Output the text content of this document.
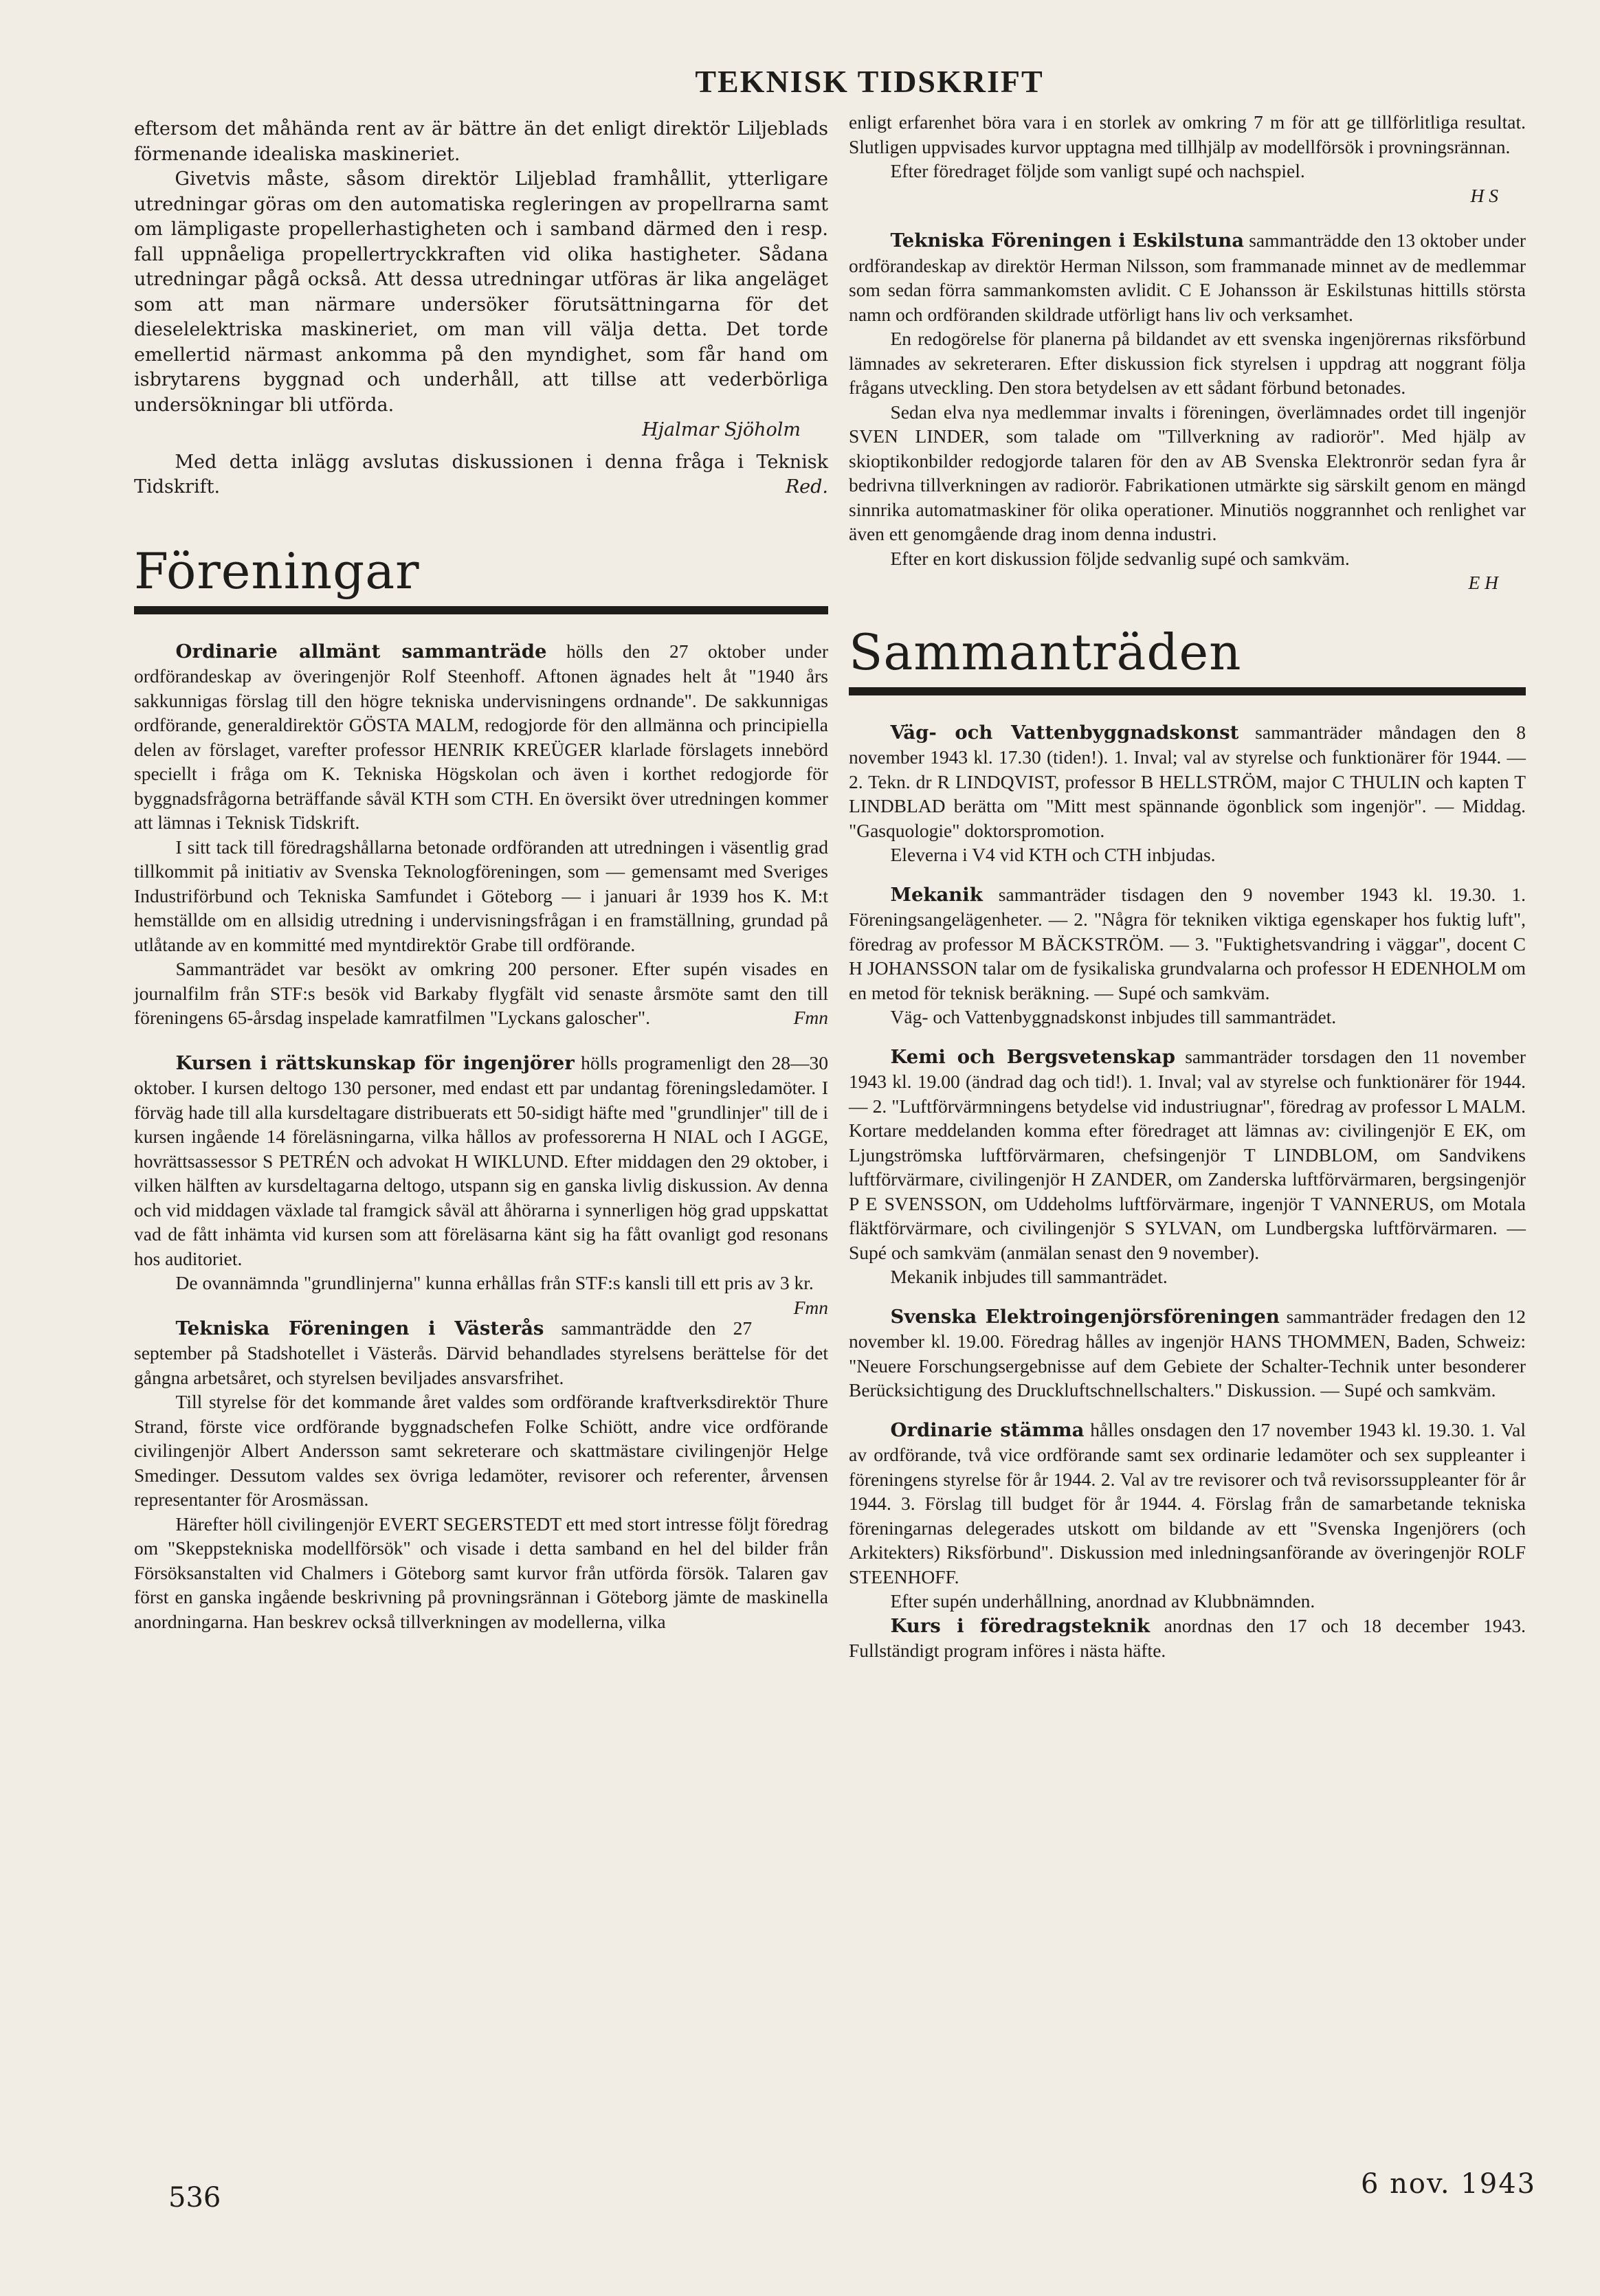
TEKNISK TIDSKRIFT

eftersom det måhända rent av är bättre än det enligt direktör Liljeblads förmenande idealiska maskineriet.

Givetvis måste, såsom direktör Liljeblad framhållit, ytterligare utredningar göras om den automatiska regleringen av propellrarna samt om lämpligaste propellerhastigheten och i samband därmed den i resp. fall uppnåeliga propellertryckkraften vid olika hastigheter. Sådana utredningar pågå också. Att dessa utredningar utföras är lika angeläget som att man närmare undersöker förutsättningarna för det dieselelektriska maskineriet, om man vill välja detta. Det torde emellertid närmast ankomma på den myndighet, som får hand om isbrytarens byggnad och underhåll, att tillse att vederbörliga undersökningar bli utförda.

Hjalmar Sjöholm

Med detta inlägg avslutas diskussionen i denna fråga i Teknisk Tidskrift.	Red.

Föreningar

Ordinarie allmänt sammanträde hölls den 27 oktober under ordförandeskap av överingenjör Rolf Steenhoff. Aftonen ägnades helt åt "1940 års sakkunnigas förslag till den högre tekniska undervisningens ordnande". De sakkunnigas ordförande, generaldirektör GÖSTA MALM, redogjorde för den allmänna och principiella delen av förslaget, varefter professor HENRIK KREÜGER klarlade förslagets innebörd speciellt i fråga om K. Tekniska Högskolan och även i korthet redogjorde för byggnadsfrågorna beträffande såväl KTH som CTH. En översikt över utredningen kommer att lämnas i Teknisk Tidskrift.

I sitt tack till föredragshållarna betonade ordföranden att utredningen i väsentlig grad tillkommit på initiativ av Svenska Teknologföreningen, som — gemensamt med Sveriges Industriförbund och Tekniska Samfundet i Göteborg — i januari år 1939 hos K. M:t hemställde om en allsidig utredning i undervisningsfrågan i en framställning, grundad på utlåtande av en kommitté med myntdirektör Grabe till ordförande.

Sammanträdet var besökt av omkring 200 personer. Efter supén visades en journalfilm från STF:s besök vid Barkaby flygfält vid senaste årsmöte samt den till föreningens 65-årsdag inspelade kamratfilmen "Lyckans galoscher".	Fmn

Kursen i rättskunskap för ingenjörer hölls programenligt den 28—30 oktober. I kursen deltogo 130 personer, med endast ett par undantag föreningsledamöter. I förväg hade till alla kursdeltagare distribuerats ett 50-sidigt häfte med "grundlinjer" till de i kursen ingående 14 föreläsningarna, vilka hållos av professorerna H NIAL och I AGGE, hovrättsassessor S PETRÉN och advokat H WIKLUND. Efter middagen den 29 oktober, i vilken hälften av kursdeltagarna deltogo, utspann sig en ganska livlig diskussion. Av denna och vid middagen växlade tal framgick såväl att åhörarna i synnerligen hög grad uppskattat vad de fått inhämta vid kursen som att föreläsarna känt sig ha fått ovanligt god resonans hos auditoriet.

De ovannämnda "grundlinjerna" kunna erhållas från STF:s kansli till ett pris av 3 kr.
Fmn

Tekniska Föreningen i Västerås sammanträdde den 27 september på Stadshotellet i Västerås. Därvid behandlades styrelsens berättelse för det gångna arbetsåret, och styrelsen beviljades ansvarsfrihet.

Till styrelse för det kommande året valdes som ordförande kraftverksdirektör Thure Strand, förste vice ordförande byggnadschefen Folke Schiött, andre vice ordförande civilingenjör Albert Andersson samt sekreterare och skattmästare civilingenjör Helge Smedinger. Dessutom valdes sex övriga ledamöter, revisorer och referenter, årvensen representanter för Arosmässan.

Härefter höll civilingenjör EVERT SEGERSTEDT ett med stort intresse följt föredrag om "Skeppstekniska modellförsök" och visade i detta samband en hel del bilder från Försöksanstalten vid Chalmers i Göteborg samt kurvor från utförda försök. Talaren gav först en ganska ingående beskrivning på provningsrännan i Göteborg jämte de maskinella anordningarna. Han beskrev också tillverkningen av modellerna, vilka

enligt erfarenhet böra vara i en storlek av omkring 7 m för att ge tillförlitliga resultat. Slutligen uppvisades kurvor upptagna med tillhjälp av modellförsök i provningsrännan.

Efter föredraget följde som vanligt supé och nachspiel.

H S

Tekniska Föreningen i Eskilstuna sammanträdde den 13 oktober under ordförandeskap av direktör Herman Nilsson, som frammanade minnet av de medlemmar som sedan förra sammankomsten avlidit. C E Johansson är Eskilstunas hittills största namn och ordföranden skildrade utförligt hans liv och verksamhet.

En redogörelse för planerna på bildandet av ett svenska ingenjörernas riksförbund lämnades av sekreteraren. Efter diskussion fick styrelsen i uppdrag att noggrant följa frågans utveckling. Den stora betydelsen av ett sådant förbund betonades.

Sedan elva nya medlemmar invalts i föreningen, överlämnades ordet till ingenjör SVEN LINDER, som talade om "Tillverkning av radiorör". Med hjälp av skioptikonbilder redogjorde talaren för den av AB Svenska Elektronrör sedan fyra år bedrivna tillverkningen av radiorör. Fabrikationen utmärkte sig särskilt genom en mängd sinnrika automatmaskiner för olika operationer. Minutiös noggrannhet och renlighet var även ett genomgående drag inom denna industri.

Efter en kort diskussion följde sedvanlig supé och samkväm.

E H
Sammanträden

Väg- och Vattenbyggnadskonst sammanträder måndagen den 8 november 1943 kl. 17.30 (tiden!). 1. Inval; val av styrelse och funktionärer för 1944. — 2. Tekn. dr R LINDQVIST, professor B HELLSTRÖM, major C THULIN och kapten T LINDBLAD berätta om "Mitt mest spännande ögonblick som ingenjör". — Middag. "Gasquologie" doktorspromotion.

Eleverna i V4 vid KTH och CTH inbjudas.

Mekanik sammanträder tisdagen den 9 november 1943 kl. 19.30. 1. Föreningsangelägenheter. — 2. "Några för tekniken viktiga egenskaper hos fuktig luft", föredrag av professor M BÄCKSTRÖM. — 3. "Fuktighetsvandring i väggar", docent C H JOHANSSON talar om de fysikaliska grundvalarna och professor H EDENHOLM om en metod för teknisk beräkning. — Supé och samkväm.

Väg- och Vattenbyggnadskonst inbjudes till sammanträdet.

Kemi och Bergsvetenskap sammanträder torsdagen den 11 november 1943 kl. 19.00 (ändrad dag och tid!). 1. Inval; val av styrelse och funktionärer för 1944. — 2. "Luftförvärmningens betydelse vid industriugnar", föredrag av professor L MALM. Kortare meddelanden komma efter föredraget att lämnas av: civilingenjör E EK, om Ljungströmska luftförvärmaren, chefsingenjör T LINDBLOM, om Sandvikens luftförvärmare, civilingenjör H ZANDER, om Zanderska luftförvärmaren, bergsingenjör P E SVENSSON, om Uddeholms luftförvärmare, ingenjör T VANNERUS, om Motala fläktförvärmare, och civilingenjör S SYLVAN, om Lundbergska luftförvärmaren. — Supé och samkväm (anmälan senast den 9 november).

Mekanik inbjudes till sammanträdet.

Svenska Elektroingenjörsföreningen sammanträder fredagen den 12 november kl. 19.00. Föredrag hålles av ingenjör HANS THOMMEN, Baden, Schweiz: "Neuere Forschungsergebnisse auf dem Gebiete der Schalter-Technik unter besonderer Berücksichtigung des Druckluftschnellschalters." Diskussion. — Supé och samkväm.

Ordinarie stämma hålles onsdagen den 17 november 1943 kl. 19.30. 1. Val av ordförande, två vice ordförande samt sex ordinarie ledamöter och sex suppleanter i föreningens styrelse för år 1944. 2. Val av tre revisorer och två revisorssuppleanter för år 1944. 3. Förslag till budget för år 1944. 4. Förslag från de samarbetande tekniska föreningarnas delegerades utskott om bildande av ett "Svenska Ingenjörers (och Arkitekters) Riksförbund". Diskussion med inledningsanförande av överingenjör ROLF STEENHOFF.

Efter supén underhållning, anordnad av Klubbnämnden.

Kurs i föredragsteknik anordnas den 17 och 18 december 1943. Fullständigt program införes i nästa häfte.

536	6 nov. 1943
